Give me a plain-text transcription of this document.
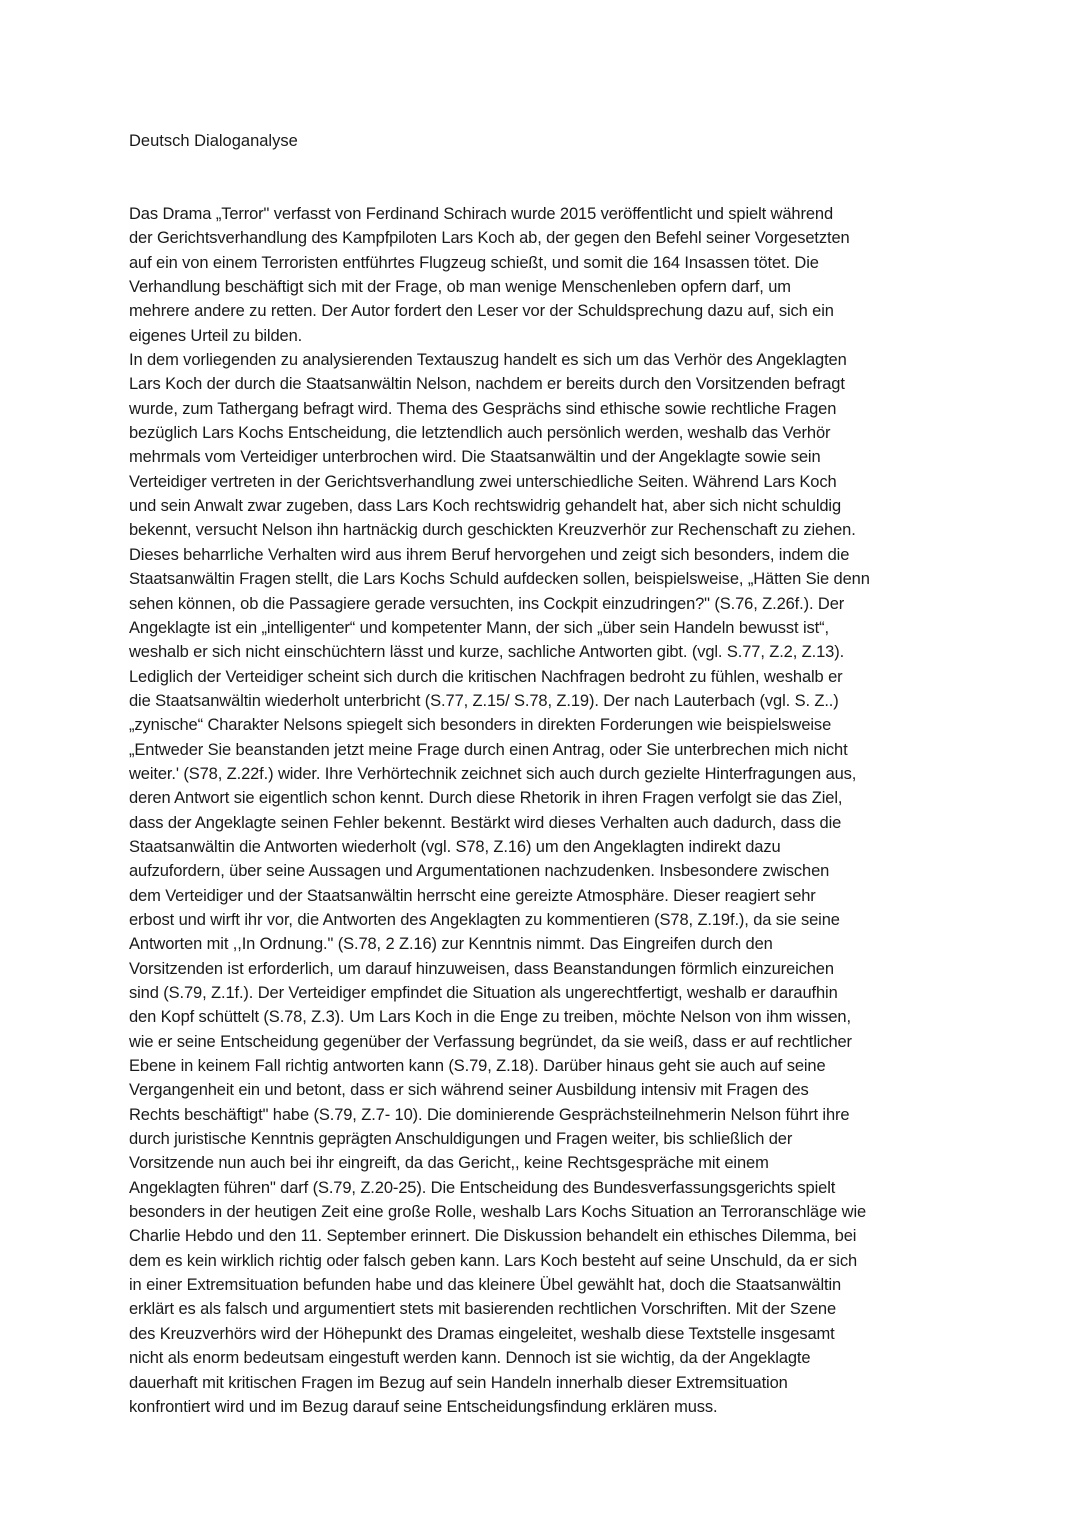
Deutsch Dialoganalyse
Das Drama „Terror" verfasst von Ferdinand Schirach wurde 2015 veröffentlicht und spielt während
der Gerichtsverhandlung des Kampfpiloten Lars Koch ab, der gegen den Befehl seiner Vorgesetzten
auf ein von einem Terroristen entführtes Flugzeug schießt, und somit die 164 Insassen tötet. Die
Verhandlung beschäftigt sich mit der Frage, ob man wenige Menschenleben opfern darf, um
mehrere andere zu retten. Der Autor fordert den Leser vor der Schuldsprechung dazu auf, sich ein
eigenes Urteil zu bilden.
In dem vorliegenden zu analysierenden Textauszug handelt es sich um das Verhör des Angeklagten
Lars Koch der durch die Staatsanwältin Nelson, nachdem er bereits durch den Vorsitzenden befragt
wurde, zum Tathergang befragt wird. Thema des Gesprächs sind ethische sowie rechtliche Fragen
bezüglich Lars Kochs Entscheidung, die letztendlich auch persönlich werden, weshalb das Verhör
mehrmals vom Verteidiger unterbrochen wird. Die Staatsanwältin und der Angeklagte sowie sein
Verteidiger vertreten in der Gerichtsverhandlung zwei unterschiedliche Seiten. Während Lars Koch
und sein Anwalt zwar zugeben, dass Lars Koch rechtswidrig gehandelt hat, aber sich nicht schuldig
bekennt, versucht Nelson ihn hartnäckig durch geschickten Kreuzverhör zur Rechenschaft zu ziehen.
Dieses beharrliche Verhalten wird aus ihrem Beruf hervorgehen und zeigt sich besonders, indem die
Staatsanwältin Fragen stellt, die Lars Kochs Schuld aufdecken sollen, beispielsweise, „Hätten Sie denn
sehen können, ob die Passagiere gerade versuchten, ins Cockpit einzudringen?" (S.76, Z.26f.). Der
Angeklagte ist ein „intelligenter“ und kompetenter Mann, der sich „über sein Handeln bewusst ist“,
weshalb er sich nicht einschüchtern lässt und kurze, sachliche Antworten gibt. (vgl. S.77, Z.2, Z.13).
Lediglich der Verteidiger scheint sich durch die kritischen Nachfragen bedroht zu fühlen, weshalb er
die Staatsanwältin wiederholt unterbricht (S.77, Z.15/ S.78, Z.19). Der nach Lauterbach (vgl. S. Z..)
„zynische“ Charakter Nelsons spiegelt sich besonders in direkten Forderungen wie beispielsweise
„Entweder Sie beanstanden jetzt meine Frage durch einen Antrag, oder Sie unterbrechen mich nicht
weiter.' (S78, Z.22f.) wider. Ihre Verhörtechnik zeichnet sich auch durch gezielte Hinterfragungen aus,
deren Antwort sie eigentlich schon kennt. Durch diese Rhetorik in ihren Fragen verfolgt sie das Ziel,
dass der Angeklagte seinen Fehler bekennt. Bestärkt wird dieses Verhalten auch dadurch, dass die
Staatsanwältin die Antworten wiederholt (vgl. S78, Z.16) um den Angeklagten indirekt dazu
aufzufordern, über seine Aussagen und Argumentationen nachzudenken. Insbesondere zwischen
dem Verteidiger und der Staatsanwältin herrscht eine gereizte Atmosphäre. Dieser reagiert sehr
erbost und wirft ihr vor, die Antworten des Angeklagten zu kommentieren (S78, Z.19f.), da sie seine
Antworten mit ,,In Ordnung." (S.78, 2 Z.16) zur Kenntnis nimmt. Das Eingreifen durch den
Vorsitzenden ist erforderlich, um darauf hinzuweisen, dass Beanstandungen förmlich einzureichen
sind (S.79, Z.1f.). Der Verteidiger empfindet die Situation als ungerechtfertigt, weshalb er daraufhin
den Kopf schüttelt (S.78, Z.3). Um Lars Koch in die Enge zu treiben, möchte Nelson von ihm wissen,
wie er seine Entscheidung gegenüber der Verfassung begründet, da sie weiß, dass er auf rechtlicher
Ebene in keinem Fall richtig antworten kann (S.79, Z.18). Darüber hinaus geht sie auch auf seine
Vergangenheit ein und betont, dass er sich während seiner Ausbildung intensiv mit Fragen des
Rechts beschäftigt" habe (S.79, Z.7- 10). Die dominierende Gesprächsteilnehmerin Nelson führt ihre
durch juristische Kenntnis geprägten Anschuldigungen und Fragen weiter, bis schließlich der
Vorsitzende nun auch bei ihr eingreift, da das Gericht,, keine Rechtsgespräche mit einem
Angeklagten führen" darf (S.79, Z.20-25). Die Entscheidung des Bundesverfassungsgerichts spielt
besonders in der heutigen Zeit eine große Rolle, weshalb Lars Kochs Situation an Terroranschläge wie
Charlie Hebdo und den 11. September erinnert. Die Diskussion behandelt ein ethisches Dilemma, bei
dem es kein wirklich richtig oder falsch geben kann. Lars Koch besteht auf seine Unschuld, da er sich
in einer Extremsituation befunden habe und das kleinere Übel gewählt hat, doch die Staatsanwältin
erklärt es als falsch und argumentiert stets mit basierenden rechtlichen Vorschriften. Mit der Szene
des Kreuzverhörs wird der Höhepunkt des Dramas eingeleitet, weshalb diese Textstelle insgesamt
nicht als enorm bedeutsam eingestuft werden kann. Dennoch ist sie wichtig, da der Angeklagte
dauerhaft mit kritischen Fragen im Bezug auf sein Handeln innerhalb dieser Extremsituation
konfrontiert wird und im Bezug darauf seine Entscheidungsfindung erklären muss.
